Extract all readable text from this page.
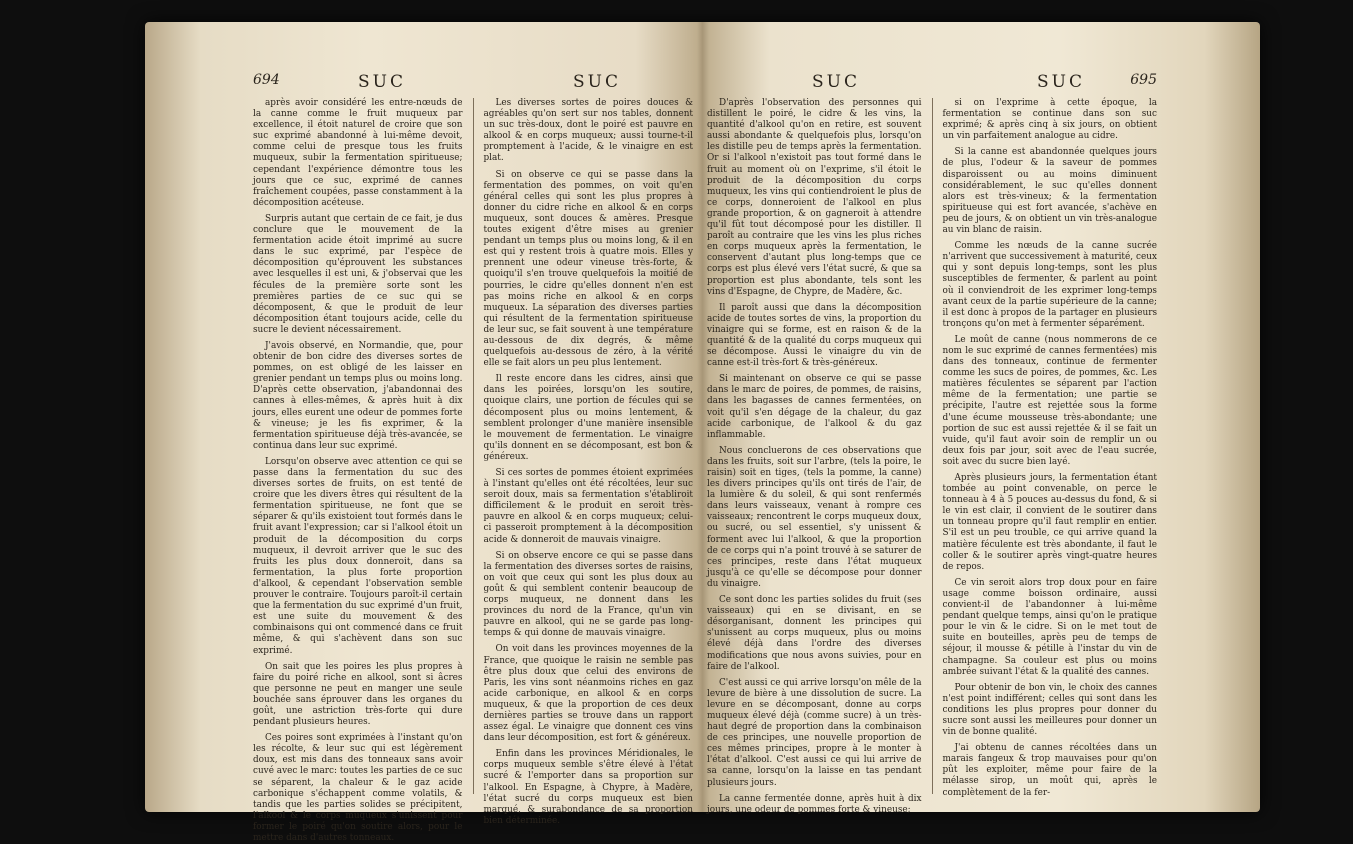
694	SUC	SUC

après avoir considéré les entre-nœuds de la canne comme le fruit muqueux par excellence, il étoit naturel de croire que son suc exprimé abandonné à lui-même devoit, comme celui de presque tous les fruits muqueux, subir la fermentation spiritueuse; cependant l'expérience démontre tous les jours que ce suc, exprimé de cannes fraîchement coupées, passe constamment à la décomposition acéteuse.

Surpris autant que certain de ce fait, je dus conclure que le mouvement de la fermentation acide étoit imprimé au sucre dans le suc exprimé, par l'espèce de décomposition qu'éprouvent les substances avec lesquelles il est uni, & j'observai que les fécules de la première sorte sont les premières parties de ce suc qui se décomposent, & que le produit de leur décomposition étant toujours acide, celle du sucre le devient nécessairement.

J'avois observé, en Normandie, que, pour obtenir de bon cidre des diverses sortes de pommes, on est obligé de les laisser en grenier pendant un temps plus ou moins long. D'après cette observation, j'abandonnai des cannes à elles-mêmes, & après huit à dix jours, elles eurent une odeur de pommes forte & vineuse; je les fis exprimer, & la fermentation spiritueuse déjà très-avancée, se continua dans leur suc exprimé.

Lorsqu'on observe avec attention ce qui se passe dans la fermentation du suc des diverses sortes de fruits, on est tenté de croire que les divers êtres qui résultent de la fermentation spiritueuse, ne font que se séparer & qu'ils existoient tout formés dans le fruit avant l'expression; car si l'alkool étoit un produit de la décomposition du corps muqueux, il devroit arriver que le suc des fruits les plus doux donneroit, dans sa fermentation, la plus forte proportion d'alkool, & cependant l'observation semble prouver le contraire. Toujours paroît-il certain que la fermentation du suc exprimé d'un fruit, est une suite du mouvement & des combinaisons qui ont commencé dans ce fruit même, & qui s'achèvent dans son suc exprimé.

On sait que les poires les plus propres à faire du poiré riche en alkool, sont si âcres que personne ne peut en manger une seule bouchée sans éprouver dans les organes du goût, une astriction très-forte qui dure pendant plusieurs heures.

Ces poires sont exprimées à l'instant qu'on les récolte, & leur suc qui est légèrement doux, est mis dans des tonneaux sans avoir cuvé avec le marc: toutes les parties de ce suc se séparent, la chaleur & le gaz acide carbonique s'échappent comme volatils, & tandis que les parties solides se précipitent, l'alkool & le corps muqueux s'unissent pour former le poiré qu'on soutire alors, pour le mettre dans d'autres tonneaux.

Les diverses sortes de poires douces & agréables qu'on sert sur nos tables, donnent un suc très-doux, dont le poiré est pauvre en alkool & en corps muqueux; aussi tourne-t-il promptement à l'acide, & le vinaigre en est plat.

Si on observe ce qui se passe dans la fermentation des pommes, on voit qu'en général celles qui sont les plus propres à donner du cidre riche en alkool & en corps muqueux, sont douces & amères. Presque toutes exigent d'être mises au grenier pendant un temps plus ou moins long, & il en est qui y restent trois à quatre mois. Elles y prennent une odeur vineuse très-forte, & quoiqu'il s'en trouve quelquefois la moitié de pourries, le cidre qu'elles donnent n'en est pas moins riche en alkool & en corps muqueux. La séparation des diverses parties qui résultent de la fermentation spiritueuse de leur suc, se fait souvent à une température au-dessous de dix degrés, & même quelquefois au-dessous de zéro, à la vérité elle se fait alors un peu plus lentement.

Il reste encore dans les cidres, ainsi que dans les poirées, lorsqu'on les soutire, quoique clairs, une portion de fécules qui se décomposent plus ou moins lentement, & semblent prolonger d'une manière insensible le mouvement de fermentation. Le vinaigre qu'ils donnent en se décomposant, est bon & généreux.

Si ces sortes de pommes étoient exprimées à l'instant qu'elles ont été récoltées, leur suc seroit doux, mais sa fermentation s'établiroit difficilement & le produit en seroit très-pauvre en alkool & en corps muqueux; celui-ci passeroit promptement à la décomposition acide & donneroit de mauvais vinaigre.

Si on observe encore ce qui se passe dans la fermentation des diverses sortes de raisins, on voit que ceux qui sont les plus doux au goût & qui semblent contenir beaucoup de corps muqueux, ne donnent dans les provinces du nord de la France, qu'un vin pauvre en alkool, qui ne se garde pas long-temps & qui donne de mauvais vinaigre.

On voit dans les provinces moyennes de la France, que quoique le raisin ne semble pas être plus doux que celui des environs de Paris, les vins sont néanmoins riches en gaz acide carbonique, en alkool & en corps muqueux, & que la proportion de ces deux dernières parties se trouve dans un rapport assez égal. Le vinaigre que donnent ces vins dans leur décomposition, est fort & généreux.

Enfin dans les provinces Méridionales, le corps muqueux semble s'être élevé à l'état sucré & l'emporter dans sa proportion sur l'alkool. En Espagne, à Chypre, à Madère, l'état sucré du corps muqueux est bien marqué, & surabondance de sa proportion bien déterminée.

SUC	SUC	695

D'après l'observation des personnes qui distillent le poiré, le cidre & les vins, la quantité d'alkool qu'on en retire, est souvent aussi abondante & quelquefois plus, lorsqu'on les distille peu de temps après la fermentation. Or si l'alkool n'existoit pas tout formé dans le fruit au moment où on l'exprime, s'il étoit le produit de la décomposition du corps muqueux, les vins qui contiendroient le plus de ce corps, donneroient de l'alkool en plus grande proportion, & on gagneroit à attendre qu'il fût tout décomposé pour les distiller. Il paroît au contraire que les vins les plus riches en corps muqueux après la fermentation, le conservent d'autant plus long-temps que ce corps est plus élevé vers l'état sucré, & que sa proportion est plus abondante, tels sont les vins d'Espagne, de Chypre, de Madère, &c.

Il paroît aussi que dans la décomposition acide de toutes sortes de vins, la proportion du vinaigre qui se forme, est en raison & de la quantité & de la qualité du corps muqueux qui se décompose. Aussi le vinaigre du vin de canne est-il très-fort & très-généreux.

Si maintenant on observe ce qui se passe dans le marc de poires, de pommes, de raisins, dans les bagasses de cannes fermentées, on voit qu'il s'en dégage de la chaleur, du gaz acide carbonique, de l'alkool & du gaz inflammable.

Nous concluerons de ces observations que dans les fruits, soit sur l'arbre, (tels la poire, le raisin) soit en tiges, (tels la pomme, la canne) les divers principes qu'ils ont tirés de l'air, de la lumière & du soleil, & qui sont renfermés dans leurs vaisseaux, venant à rompre ces vaisseaux; rencontrent le corps muqueux doux, ou sucré, ou sel essentiel, s'y unissent & forment avec lui l'alkool, & que la proportion de ce corps qui n'a point trouvé à se saturer de ces principes, reste dans l'état muqueux jusqu'à ce qu'elle se décompose pour donner du vinaigre.

Ce sont donc les parties solides du fruit (ses vaisseaux) qui en se divisant, en se désorganisant, donnent les principes qui s'unissent au corps muqueux, plus ou moins élevé déjà dans l'ordre des diverses modifications que nous avons suivies, pour en faire de l'alkool.

C'est aussi ce qui arrive lorsqu'on mêle de la levure de bière à une dissolution de sucre. La levure en se décomposant, donne au corps muqueux élevé déjà (comme sucre) à un très-haut degré de proportion dans la combinaison de ces principes, une nouvelle proportion de ces mêmes principes, propre à le monter à l'état d'alkool. C'est aussi ce qui lui arrive de sa canne, lorsqu'on la laisse en tas pendant plusieurs jours.

La canne fermentée donne, après huit à dix jours, une odeur de pommes forte & vineuse;

si on l'exprime à cette époque, la fermentation se continue dans son suc exprimé; & après cinq à six jours, on obtient un vin parfaitement analogue au cidre.

Si la canne est abandonnée quelques jours de plus, l'odeur & la saveur de pommes disparoissent ou au moins diminuent considérablement, le suc qu'elles donnent alors est très-vineux; & la fermentation spiritueuse qui est fort avancée, s'achève en peu de jours, & on obtient un vin très-analogue au vin blanc de raisin.

Comme les nœuds de la canne sucrée n'arrivent que successivement à maturité, ceux qui y sont depuis long-temps, sont les plus susceptibles de fermenter, & parlent au point où il conviendroit de les exprimer long-temps avant ceux de la partie supérieure de la canne; il est donc à propos de la partager en plusieurs tronçons qu'on met à fermenter séparément.

Le moût de canne (nous nommerons de ce nom le suc exprimé de cannes fermentées) mis dans des tonneaux, continue de fermenter comme les sucs de poires, de pommes, &c. Les matières féculentes se séparent par l'action même de la fermentation; une partie se précipite, l'autre est rejettée sous la forme d'une écume mousseuse très-abondante; une portion de suc est aussi rejettée & il se fait un vuide, qu'il faut avoir soin de remplir un ou deux fois par jour, soit avec de l'eau sucrée, soit avec du sucre bien layé.

Après plusieurs jours, la fermentation étant tombée au point convenable, on perce le tonneau à 4 à 5 pouces au-dessus du fond, & si le vin est clair, il convient de le soutirer dans un tonneau propre qu'il faut remplir en entier. S'il est un peu trouble, ce qui arrive quand la matière féculente est très abondante, il faut le coller & le soutirer après vingt-quatre heures de repos.

Ce vin seroit alors trop doux pour en faire usage comme boisson ordinaire, aussi convient-il de l'abandonner à lui-même pendant quelque temps, ainsi qu'on le pratique pour le vin & le cidre. Si on le met tout de suite en bouteilles, après peu de temps de séjour, il mousse & pétille à l'instar du vin de champagne. Sa couleur est plus ou moins ambrée suivant l'état & la qualité des cannes.

Pour obtenir de bon vin, le choix des cannes n'est point indifférent; celles qui sont dans les conditions les plus propres pour donner du sucre sont aussi les meilleures pour donner un vin de bonne qualité.

J'ai obtenu de cannes récoltées dans un marais fangeux & trop mauvaises pour qu'on pût les exploiter, même pour faire de la mélasse sirop, un moût qui, après le complètement de la fer-
